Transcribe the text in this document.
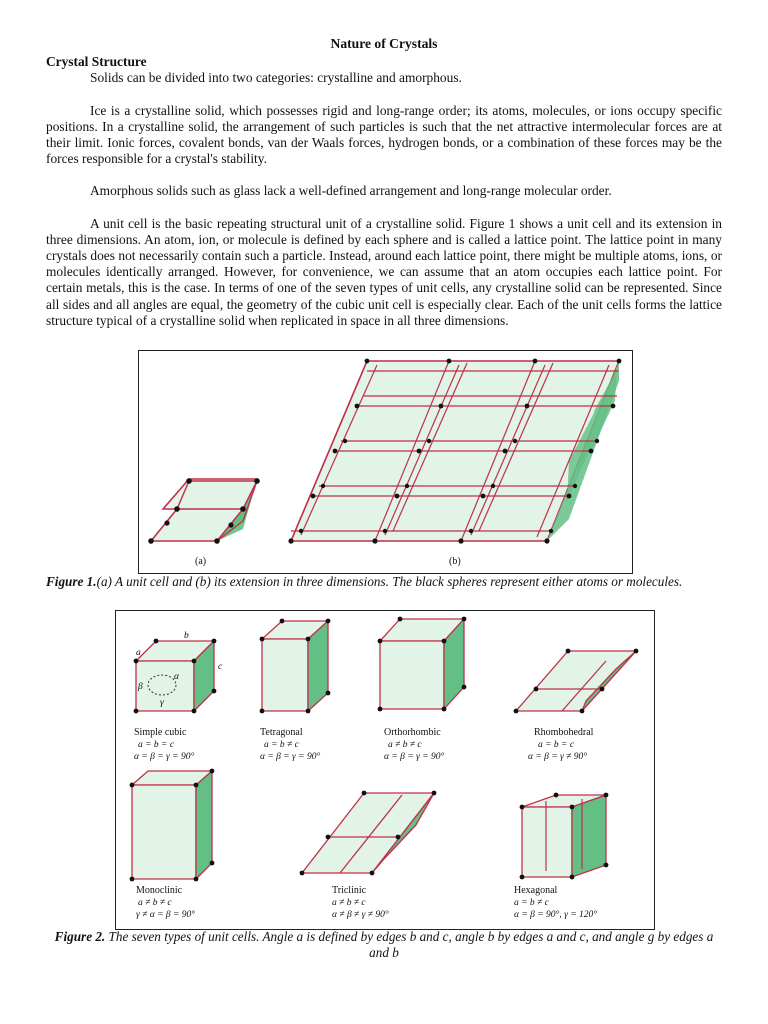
Nature of Crystals
Crystal Structure

Solids can be divided into two categories: crystalline and amorphous.

Ice is a crystalline solid, which possesses rigid and long-range order; its atoms, molecules, or ions occupy specific positions. In a crystalline solid, the arrangement of such particles is such that the net attractive intermolecular forces are at their limit. Ionic forces, covalent bonds, van der Waals forces, hydrogen bonds, or a combination of these forces may be the forces responsible for a crystal's stability.

Amorphous solids such as glass lack a well-defined arrangement and long-range molecular order.

A unit cell is the basic repeating structural unit of a crystalline solid. Figure 1 shows a unit cell and its extension in three dimensions. An atom, ion, or molecule is defined by each sphere and is called a lattice point. The lattice point in many crystals does not necessarily contain such a particle. Instead, around each lattice point, there might be multiple atoms, ions, or molecules identically arranged. However, for convenience, we can assume that an atom occupies each lattice point. For certain metals, this is the case. In terms of one of the seven types of unit cells, any crystalline solid can be represented. Since all sides and all angles are equal, the geometry of the cubic unit cell is especially clear. Each of the unit cells forms the lattice structure typical of a crystalline solid when replicated in space in all three dimensions.

(a)	(b)
Figure 1.(a) A unit cell and (b) its extension in three dimensions. The black spheres represent either atoms or molecules.
a
b
c
α
β
γ
Simple cubic
a = b = c
α = β = γ = 90°
Tetragonal
a = b ≠ c
α = β = γ = 90°
Orthorhombic
a ≠ b ≠ c
α = β = γ = 90°
Rhombohedral
a = b = c
α = β = γ ≠ 90°
Monoclinic
a ≠ b ≠ c
γ ≠ α = β = 90°
Triclinic
a ≠ b ≠ c
α ≠ β ≠ γ ≠ 90°
Hexagonal
a = b ≠ c
α = β = 90°, γ = 120°
Figure 2. The seven types of unit cells. Angle a is defined by edges b and c, angle b by edges a and c, and angle g by edges a and b
